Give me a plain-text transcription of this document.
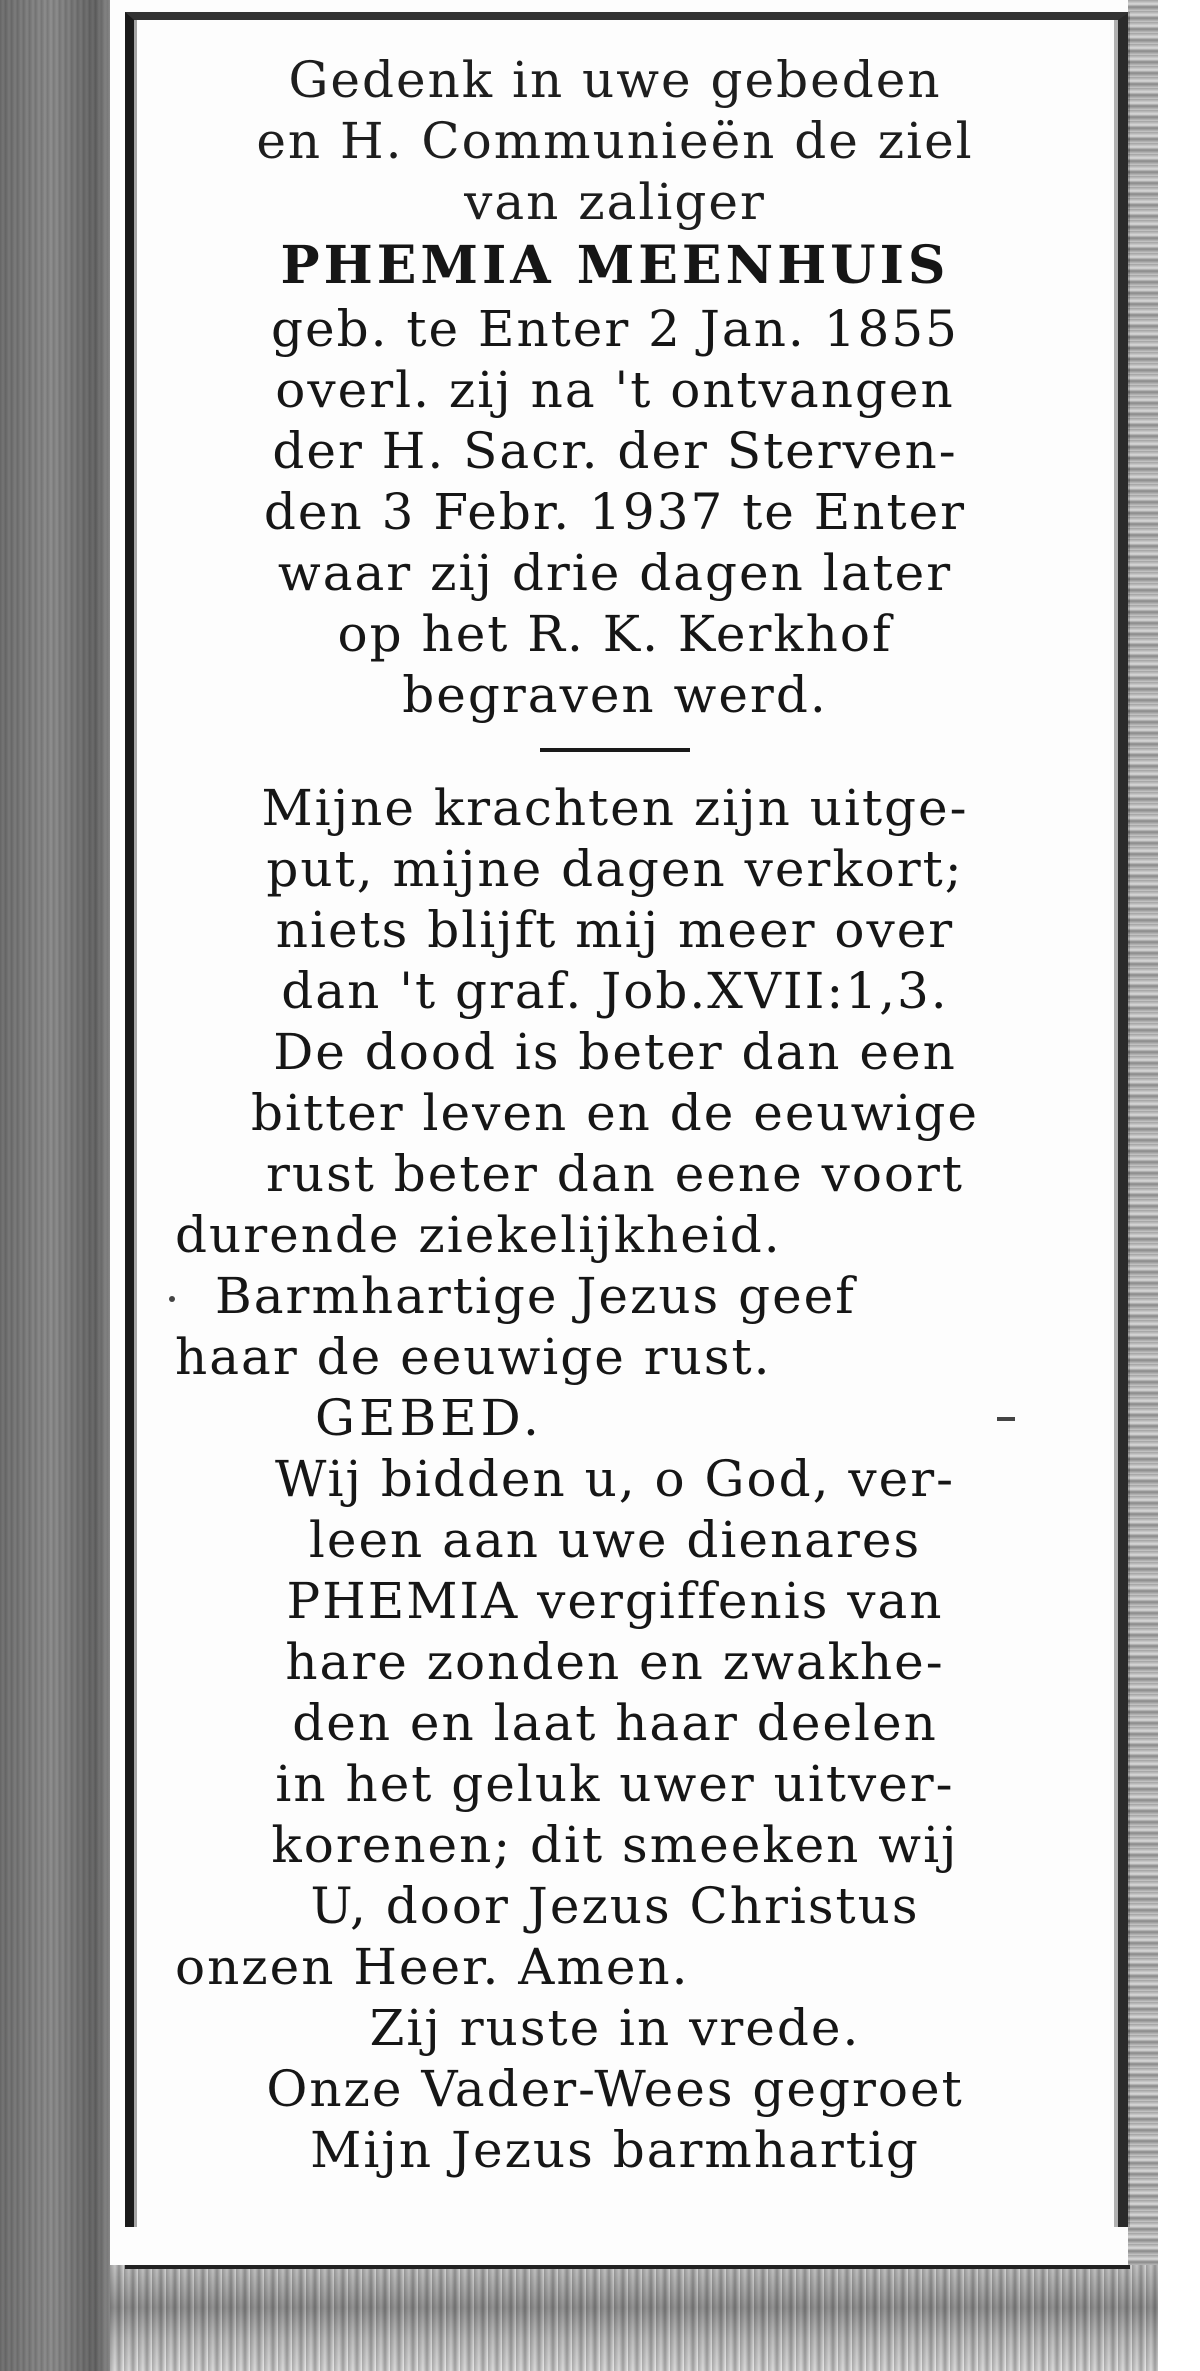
Gedenk in uwe gebeden
en H. Communieën de ziel
van zaliger
PHEMIA MEENHUIS
geb. te Enter 2 Jan. 1855
overl. zij na 't ontvangen
der H. Sacr. der Sterven-
den 3 Febr. 1937 te Enter
waar zij drie dagen later
op het R. K. Kerkhof
begraven werd.
Mijne krachten zijn uitge-
put, mijne dagen verkort;
niets blijft mij meer over
dan 't graf. Job.XVII:1,3.
De dood is beter dan een
bitter leven en de eeuwige
rust beter dan eene voort
durende ziekelijkheid.
Barmhartige Jezus geef
haar de eeuwige rust.
GEBED.
Wij bidden u, o God, ver-
leen aan uwe dienares
PHEMIA vergiffenis van
hare zonden en zwakhe-
den en laat haar deelen
in het geluk uwer uitver-
korenen; dit smeeken wij
U, door Jezus Christus
onzen Heer. Amen.
Zij ruste in vrede.
Onze Vader-Wees gegroet
Mijn Jezus barmhartig
